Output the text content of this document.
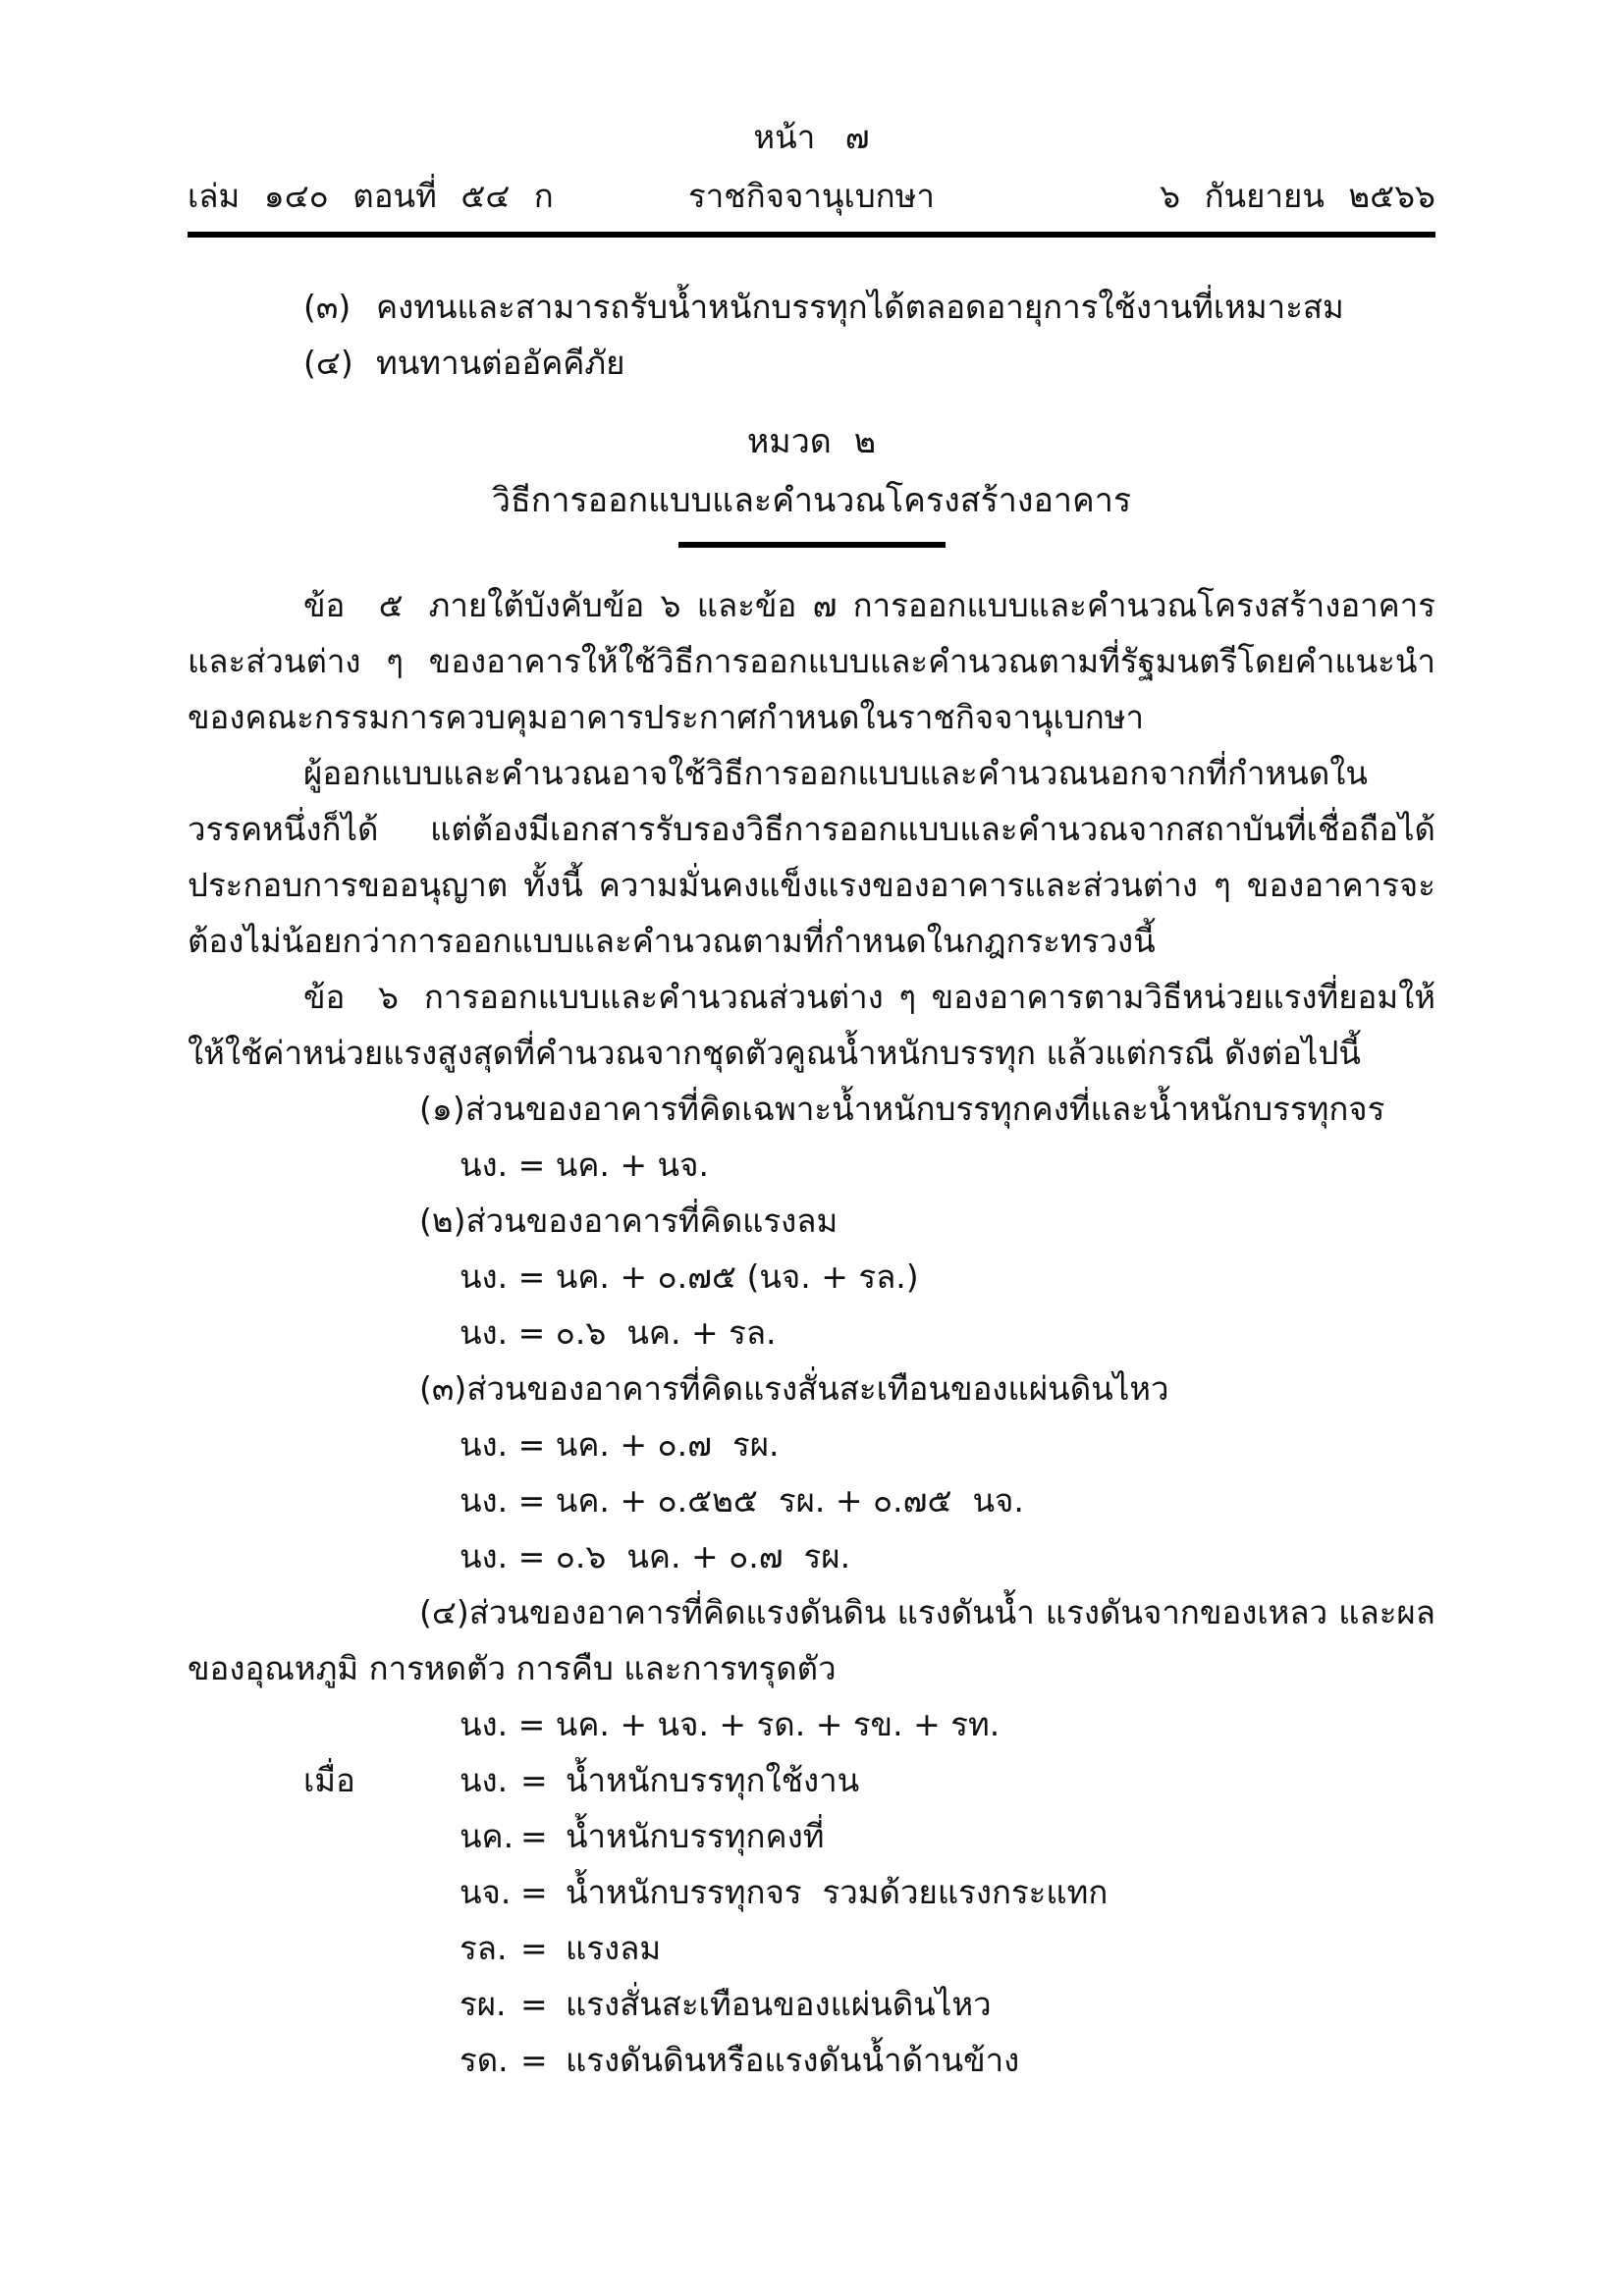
หน้า ๗
เล่ม ๑๔๐ ตอนที่ ๕๔ ก	ราชกิจจานุเบกษา	๖ กันยายน ๒๕๖๖

(๓) คงทนและสามารถรับน้ำหนักบรรทุกได้ตลอดอายุการใช้งานที่เหมาะสม

(๔) ทนทานต่ออัคคีภัย

หมวด ๒
วิธีการออกแบบและคำนวณโครงสร้างอาคาร

ข้อ ๕ ภายใต้บังคับข้อ ๖ และข้อ ๗ การออกแบบและคำนวณโครงสร้างอาคารและส่วนต่าง ๆ ของอาคารให้ใช้วิธีการออกแบบและคำนวณตามที่รัฐมนตรีโดยคำแนะนำของคณะกรรมการควบคุมอาคารประกาศกำหนดในราชกิจจานุเบกษา

ผู้ออกแบบและคำนวณอาจใช้วิธีการออกแบบและคำนวณนอกจากที่กำหนดในวรรคหนึ่งก็ได้ แต่ต้องมีเอกสารรับรองวิธีการออกแบบและคำนวณจากสถาบันที่เชื่อถือได้ประกอบการขออนุญาต ทั้งนี้ ความมั่นคงแข็งแรงของอาคารและส่วนต่าง ๆ ของอาคารจะต้องไม่น้อยกว่าการออกแบบและคำนวณตามที่กำหนดในกฎกระทรวงนี้

ข้อ ๖ การออกแบบและคำนวณส่วนต่าง ๆ ของอาคารตามวิธีหน่วยแรงที่ยอมให้ ให้ใช้ค่าหน่วยแรงสูงสุดที่คำนวณจากชุดตัวคูณน้ำหนักบรรทุก แล้วแต่กรณี ดังต่อไปนี้

(๑)ส่วนของอาคารที่คิดเฉพาะน้ำหนักบรรทุกคงที่และน้ำหนักบรรทุกจร

นง. = นค. + นจ.

(๒)ส่วนของอาคารที่คิดแรงลม

นง. = นค. + ๐.๗๕ (นจ. + รล.)
นง. = ๐.๖  นค. + รล.

(๓)ส่วนของอาคารที่คิดแรงสั่นสะเทือนของแผ่นดินไหว

นง. = นค. + ๐.๗  รผ.
นง. = นค. + ๐.๕๒๕  รผ. + ๐.๗๕  นจ.
นง. = ๐.๖  นค. + ๐.๗  รผ.

(๔)ส่วนของอาคารที่คิดแรงดันดิน แรงดันน้ำ แรงดันจากของเหลว และผลของอุณหภูมิ การหดตัว การคืบ และการทรุดตัว

นง. = นค. + นจ. + รด. + รข. + รท.
เมื่อ	นง. = น้ำหนักบรรทุกใช้งาน
นค. = น้ำหนักบรรทุกคงที่
นจ. = น้ำหนักบรรทุกจร  รวมด้วยแรงกระแทก
รล. = แรงลม
รผ. = แรงสั่นสะเทือนของแผ่นดินไหว
รด. = แรงดันดินหรือแรงดันน้ำด้านข้าง
